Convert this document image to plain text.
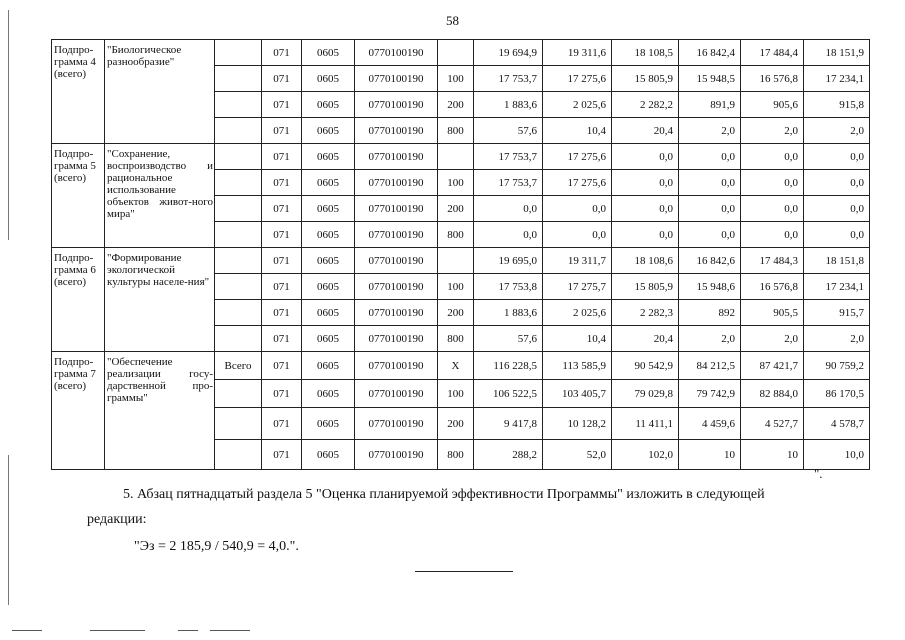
58
Подпро-грамма 4 (всего)	"Биологическое разнообразие"		071	0605	0770100190		19 694,9	19 311,6	18 108,5	16 842,4	17 484,4	18 151,9
			071	0605	0770100190	100	17 753,7	17 275,6	15 805,9	15 948,5	16 576,8	17 234,1
			071	0605	0770100190	200	1 883,6	2 025,6	2 282,2	891,9	905,6	915,8
			071	0605	0770100190	800	57,6	10,4	20,4	2,0	2,0	2,0
Подпро-грамма 5 (всего)	"Сохранение, воспроизводство и рациональное использование объектов живот-ного мира"		071	0605	0770100190		17 753,7	17 275,6	0,0	0,0	0,0	0,0
			071	0605	0770100190	100	17 753,7	17 275,6	0,0	0,0	0,0	0,0
			071	0605	0770100190	200	0,0	0,0	0,0	0,0	0,0	0,0
			071	0605	0770100190	800	0,0	0,0	0,0	0,0	0,0	0,0
Подпро-грамма 6 (всего)	"Формирование экологической культуры населе-ния"		071	0605	0770100190		19 695,0	19 311,7	18 108,6	16 842,6	17 484,3	18 151,8
			071	0605	0770100190	100	17 753,8	17 275,7	15 805,9	15 948,6	16 576,8	17 234,1
			071	0605	0770100190	200	1 883,6	2 025,6	2 282,3	892	905,5	915,7
			071	0605	0770100190	800	57,6	10,4	20,4	2,0	2,0	2,0
Подпро-грамма 7 (всего)	"Обеспечение реализации госу-дарственной про-граммы"	Всего	071	0605	0770100190	X	116 228,5	113 585,9	90 542,9	84 212,5	87 421,7	90 759,2
			071	0605	0770100190	100	106 522,5	103 405,7	79 029,8	79 742,9	82 884,0	86 170,5
			071	0605	0770100190	200	9 417,8	10 128,2	11 411,1	4 459,6	4 527,7	4 578,7
			071	0605	0770100190	800	288,2	52,0	102,0	10	10	10,0
".
5. Абзац пятнадцатый раздела 5 "Оценка планируемой эффективности Программы" изложить в следующей
редакции:
"Эз = 2 185,9 / 540,9 = 4,0.".
